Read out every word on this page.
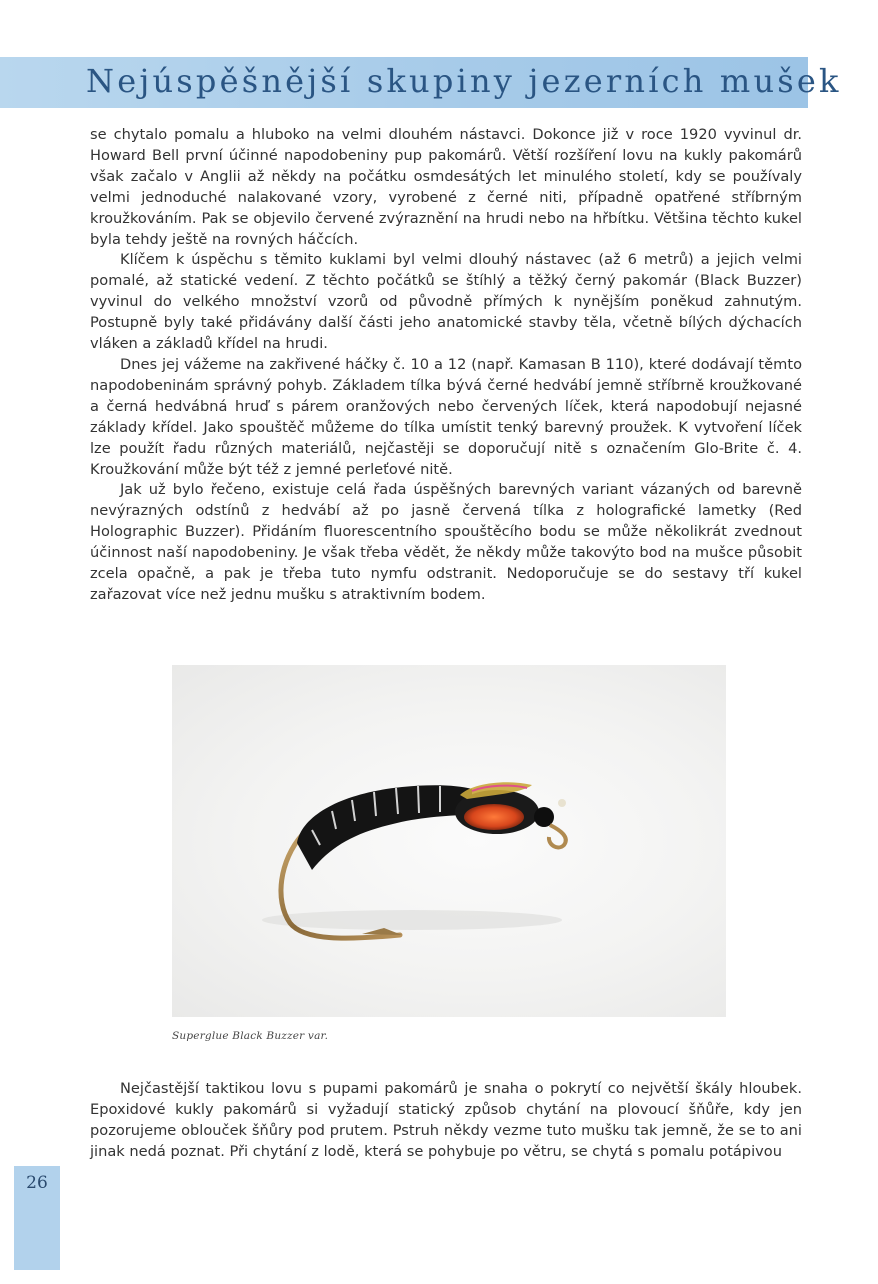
Nejúspěšnější skupiny jezerních mušek

se chytalo pomalu a hluboko na velmi dlouhém nástavci. Dokonce již v roce 1920 vyvinul dr. Howard Bell první účinné napodobeniny pup pakomárů. Větší rozšíření lovu na kukly pakomárů však začalo v Anglii až někdy na počátku osmdesátých let minulého století, kdy se používaly velmi jednoduché nalakované vzory, vyrobené z černé niti, případně opatřené stříbrným kroužkováním. Pak se objevilo červené zvýraznění na hrudi nebo na hřbítku. Většina těchto kukel byla tehdy ještě na rovných háčcích.

Klíčem k úspěchu s těmito kuklami byl velmi dlouhý nástavec (až 6 metrů) a jejich velmi pomalé, až statické vedení. Z těchto počátků se štíhlý a těžký černý pakomár (Black Buzzer) vyvinul do velkého množství vzorů od původně přímých k nynějším poněkud zahnutým. Postupně byly také přidávány další části jeho anatomické stavby těla, včetně bílých dýchacích vláken a základů křídel na hrudi.

Dnes jej vážeme na zakřivené háčky č. 10 a 12 (např. Kamasan B 110), které dodávají těmto napodobeninám správný pohyb. Základem tílka bývá černé hedvábí jemně stříbrně kroužkované a černá hedvábná hruď s párem oranžových nebo červených líček, která napodobují nejasné základy křídel. Jako spouštěč můžeme do tílka umístit tenký barevný proužek. K vytvoření líček lze použít řadu různých materiálů, nejčastěji se doporučují nitě s označením Glo-Brite č. 4. Kroužkování může být též z jemné perleťové nitě.

Jak už bylo řečeno, existuje celá řada úspěšných barevných variant vázaných od barevně nevýrazných odstínů z hedvábí až po jasně červená tílka z holografické lametky (Red Holographic Buzzer). Přidáním fluorescentního spouštěcího bodu se může několikrát zvednout účinnost naší napodobeniny. Je však třeba vědět, že někdy může takovýto bod na mušce působit zcela opačně, a pak je třeba tuto nymfu odstranit. Nedoporučuje se do sestavy tří kukel zařazovat více než jednu mušku s atraktivním bodem.

Superglue Black Buzzer var.

Nejčastější taktikou lovu s pupami pakomárů je snaha o pokrytí co největší škály hloubek. Epoxidové kukly pakomárů si vyžadují statický způsob chytání na plovoucí šňůře, kdy jen pozorujeme oblouček šňůry pod prutem. Pstruh někdy vezme tuto mušku tak jemně, že se to ani jinak nedá poznat. Při chytání z lodě, která se pohybuje po větru, se chytá s pomalu potápivou

26
